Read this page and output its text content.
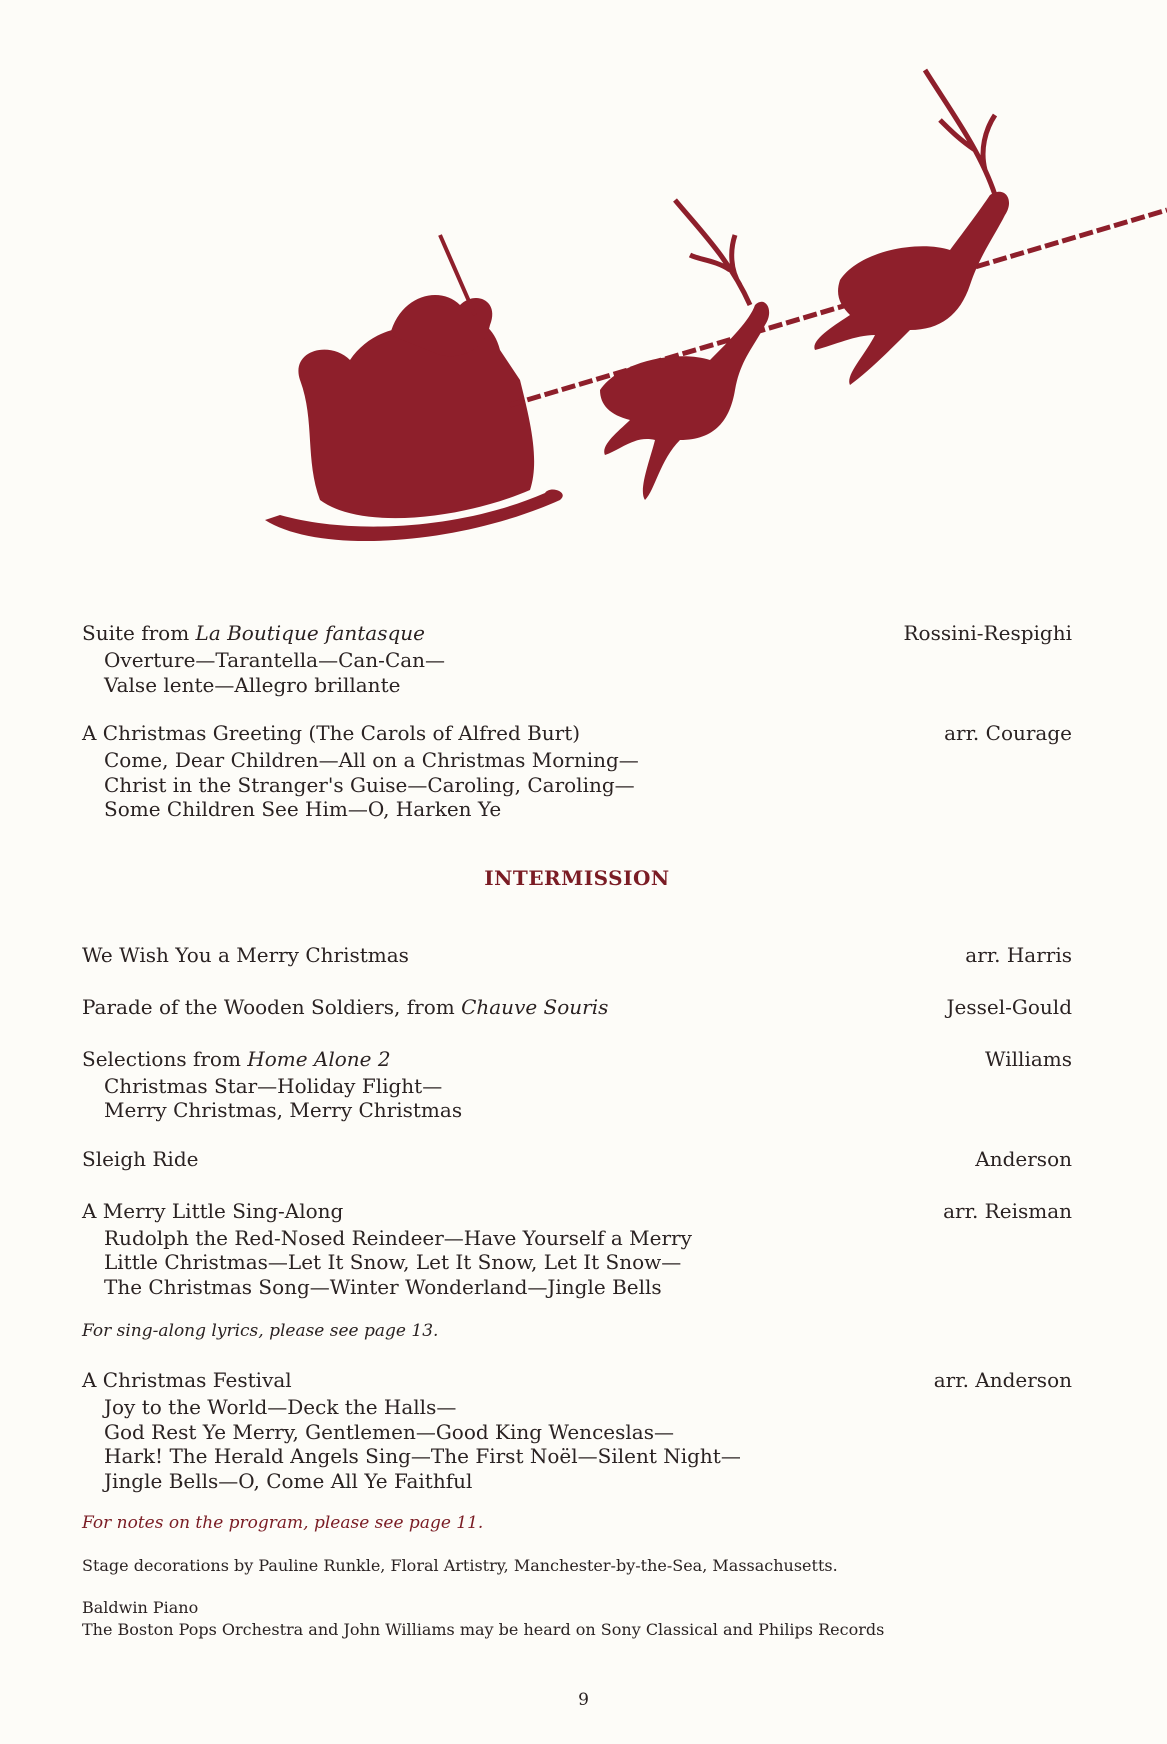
Suite from La Boutique fantasque	Rossini-Respighi
Overture—Tarantella—Can-Can—
Valse lente—Allegro brillante
A Christmas Greeting (The Carols of Alfred Burt)	arr. Courage
Come, Dear Children—All on a Christmas Morning—
Christ in the Stranger's Guise—Caroling, Caroling—
Some Children See Him—O, Harken Ye
INTERMISSION
We Wish You a Merry Christmas	arr. Harris
Parade of the Wooden Soldiers, from Chauve Souris	Jessel-Gould
Selections from Home Alone 2	Williams
Christmas Star—Holiday Flight—
Merry Christmas, Merry Christmas
Sleigh Ride	Anderson
A Merry Little Sing-Along	arr. Reisman
Rudolph the Red-Nosed Reindeer—Have Yourself a Merry
Little Christmas—Let It Snow, Let It Snow, Let It Snow—
The Christmas Song—Winter Wonderland—Jingle Bells
For sing-along lyrics, please see page 13.
A Christmas Festival	arr. Anderson
Joy to the World—Deck the Halls—
God Rest Ye Merry, Gentlemen—Good King Wenceslas—
Hark! The Herald Angels Sing—The First Noël—Silent Night—
Jingle Bells—O, Come All Ye Faithful
For notes on the program, please see page 11.
Stage decorations by Pauline Runkle, Floral Artistry, Manchester-by-the-Sea, Massachusetts.
Baldwin Piano
The Boston Pops Orchestra and John Williams may be heard on Sony Classical and Philips Records
9
